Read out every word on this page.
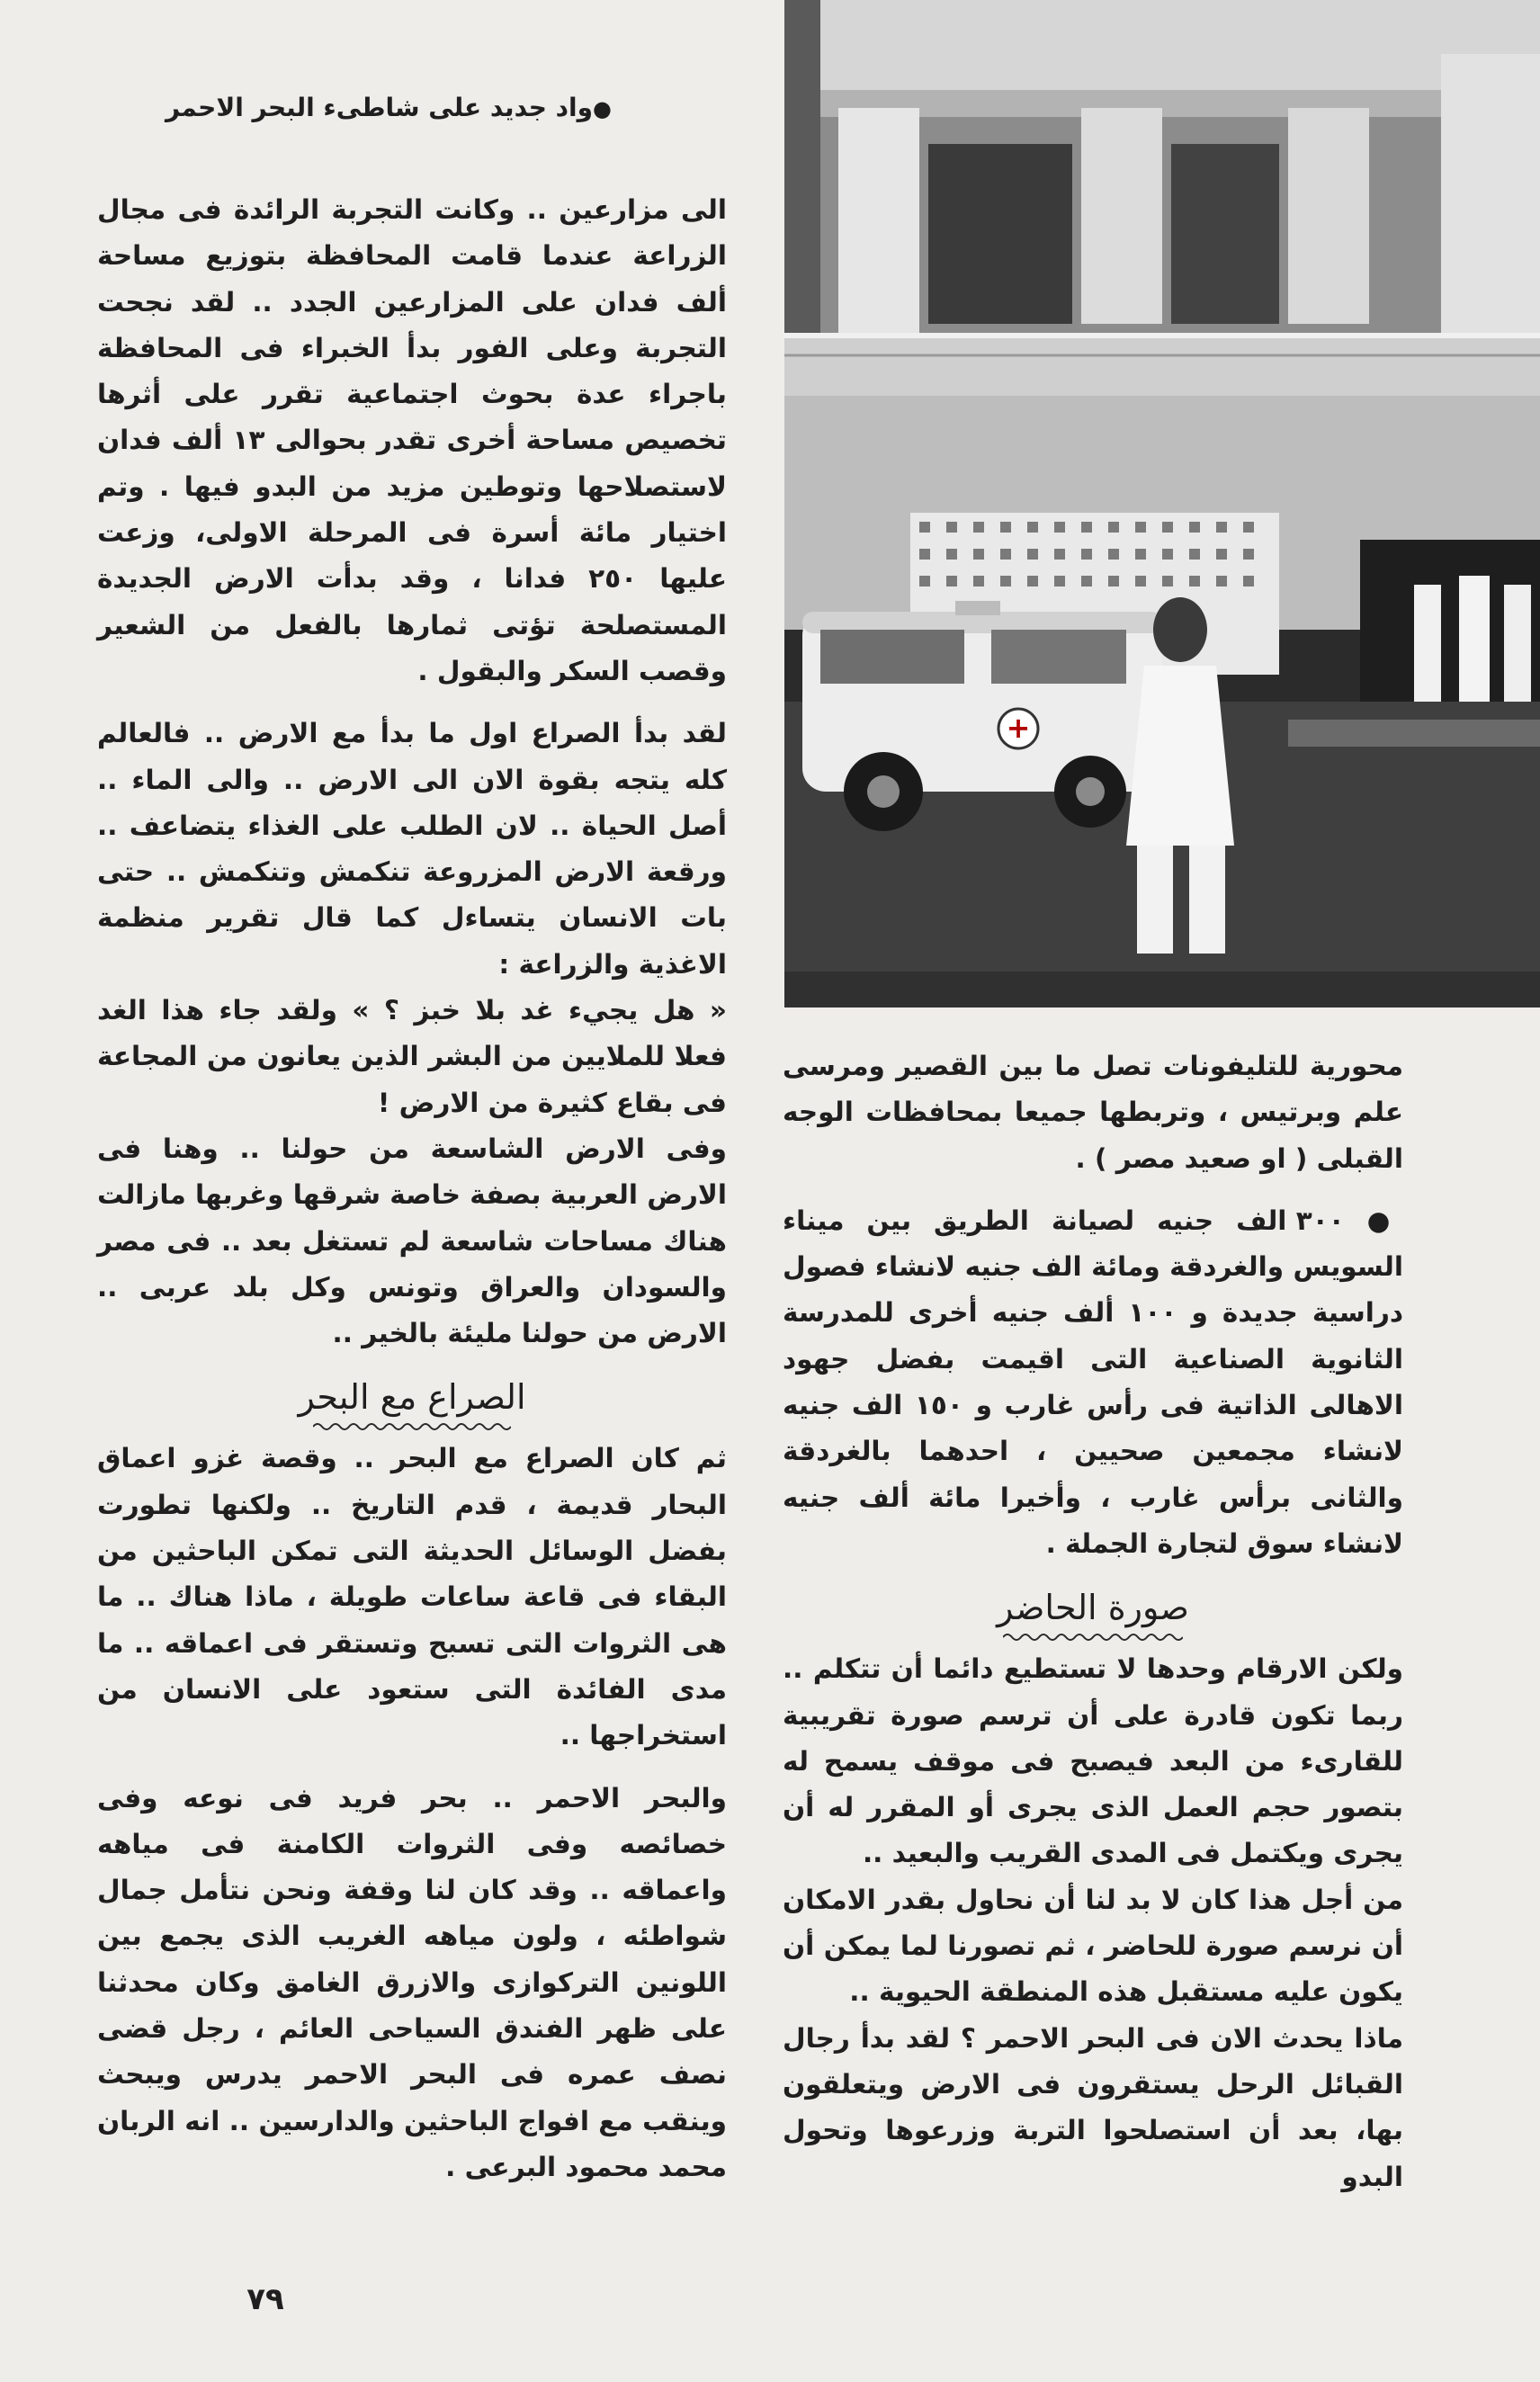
●واد جديد على شاطىء البحر الاحمر
+

الى مزارعين .. وكانت التجربة الرائدة فى مجال الزراعة عندما قامت المحافظة بتوزيع مساحة ألف فدان على المزارعين الجدد .. لقد نجحت التجربة وعلى الفور بدأ الخبراء فى المحافظة باجراء عدة بحوث اجتماعية تقرر على أثرها تخصيص مساحة أخرى تقدر بحوالى ١٣ ألف فدان لاستصلاحها وتوطين مزيد من البدو فيها . وتم اختيار مائة أسرة فى المرحلة الاولى، وزعت عليها ٢٥٠ فدانا ، وقد بدأت الارض الجديدة المستصلحة تؤتى ثمارها بالفعل من الشعير وقصب السكر والبقول .

لقد بدأ الصراع اول ما بدأ مع الارض .. فالعالم كله يتجه بقوة الان الى الارض .. والى الماء .. أصل الحياة .. لان الطلب على الغذاء يتضاعف .. ورقعة الارض المزروعة تنكمش وتنكمش .. حتى بات الانسان يتساءل كما قال تقرير منظمة الاغذية والزراعة :

« هل يجيء غد بلا خبز ؟ » ولقد جاء هذا الغد فعلا للملايين من البشر الذين يعانون من المجاعة فى بقاع كثيرة من الارض !

وفى الارض الشاسعة من حولنا .. وهنا فى الارض العربية بصفة خاصة شرقها وغربها مازالت هناك مساحات شاسعة لم تستغل بعد .. فى مصر والسودان والعراق وتونس وكل بلد عربى .. الارض من حولنا مليئة بالخير ..

الصراع مع البحر

ثم كان الصراع مع البحر .. وقصة غزو اعماق البحار قديمة ، قدم التاريخ .. ولكنها تطورت بفضل الوسائل الحديثة التى تمكن الباحثين من البقاء فى قاعة ساعات طويلة ، ماذا هناك .. ما هى الثروات التى تسبح وتستقر فى اعماقه .. ما مدى الفائدة التى ستعود على الانسان من استخراجها ..

والبحر الاحمر .. بحر فريد فى نوعه وفى خصائصه وفى الثروات الكامنة فى مياهه واعماقه .. وقد كان لنا وقفة ونحن نتأمل جمال شواطئه ، ولون مياهه الغريب الذى يجمع بين اللونين التركوازى والازرق الغامق وكان محدثنا على ظهر الفندق السياحى العائم ، رجل قضى نصف عمره فى البحر الاحمر يدرس ويبحث وينقب مع افواج الباحثين والدارسين .. انه الربان محمد محمود البرعى .

محورية للتليفونات تصل ما بين القصير ومرسى علم وبرتيس ، وتربطها جميعا بمحافظات الوجه القبلى ( او صعيد مصر ) .

● ٣٠٠ الف جنيه لصيانة الطريق بين ميناء السويس والغردقة ومائة الف جنيه لانشاء فصول دراسية جديدة و ١٠٠ ألف جنيه أخرى للمدرسة الثانوية الصناعية التى اقيمت بفضل جهود الاهالى الذاتية فى رأس غارب و ١٥٠ الف جنيه لانشاء مجمعين صحيين ، احدهما بالغردقة والثانى برأس غارب ، وأخيرا مائة ألف جنيه لانشاء سوق لتجارة الجملة .

صورة الحاضر

ولكن الارقام وحدها لا تستطيع دائما أن تتكلم .. ربما تكون قادرة على أن ترسم صورة تقريبية للقارىء من البعد فيصبح فى موقف يسمح له بتصور حجم العمل الذى يجرى أو المقرر له أن يجرى ويكتمل فى المدى القريب والبعيد ..

من أجل هذا كان لا بد لنا أن نحاول بقدر الامكان أن نرسم صورة للحاضر ، ثم تصورنا لما يمكن أن يكون عليه مستقبل هذه المنطقة الحيوية ..

ماذا يحدث الان فى البحر الاحمر ؟ لقد بدأ رجال القبائل الرحل يستقرون فى الارض ويتعلقون بها، بعد أن استصلحوا التربة وزرعوها وتحول البدو

٧٩
